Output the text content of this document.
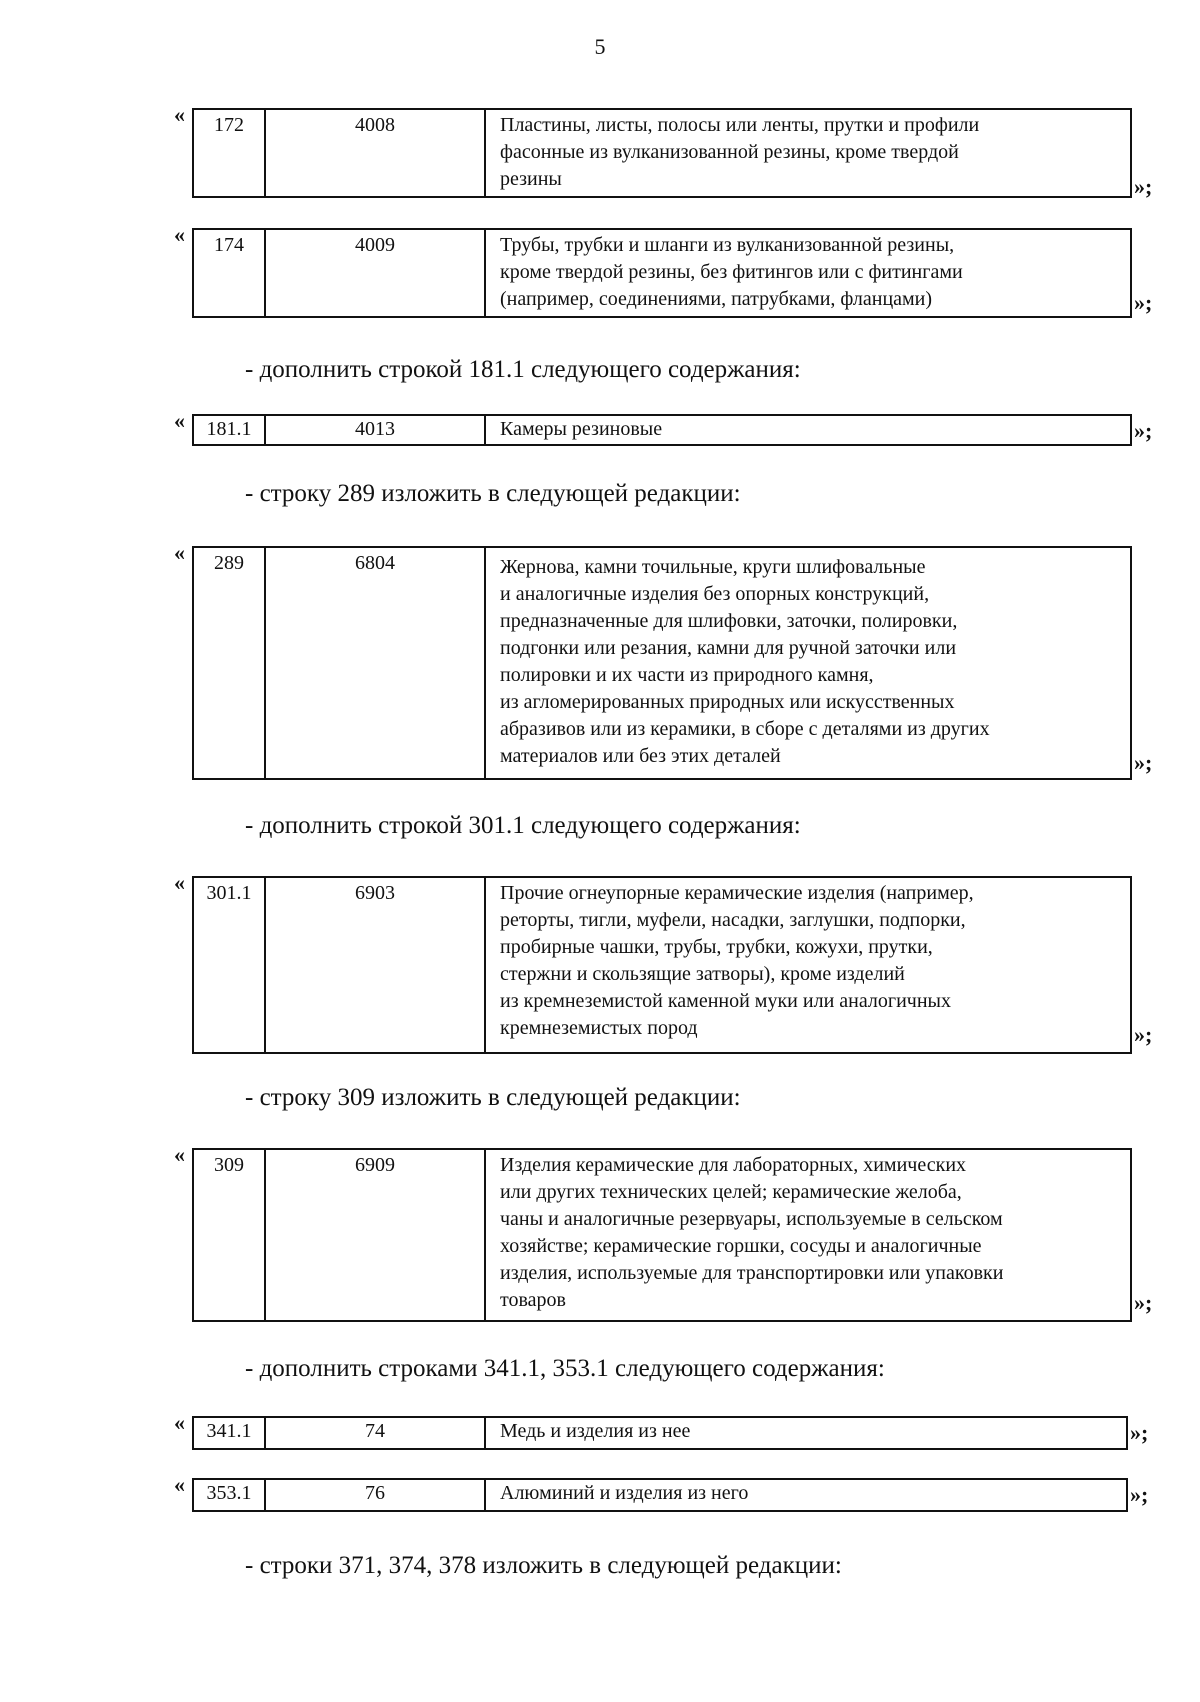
5
« 172	4008	Пластины, листы, полосы или ленты, прутки и профили
фасонные из вулканизованной резины, кроме твердой
резины	»;
« 174	4009	Трубы, трубки и шланги из вулканизованной резины,
кроме твердой резины, без фитингов или с фитингами
(например, соединениями, патрубками, фланцами)	»;
- дополнить строкой 181.1 следующего содержания:
« 181.1	4013	Камеры резиновые	»;
- строку 289 изложить в следующей редакции:
« 289	6804	Жернова, камни точильные, круги шлифовальные
и аналогичные изделия без опорных конструкций,
предназначенные для шлифовки, заточки, полировки,
подгонки или резания, камни для ручной заточки или
полировки и их части из природного камня,
из агломерированных природных или искусственных
абразивов или из керамики, в сборе с деталями из других
материалов или без этих деталей	»;
- дополнить строкой 301.1 следующего содержания:
« 301.1	6903	Прочие огнеупорные керамические изделия (например,
реторты, тигли, муфели, насадки, заглушки, подпорки,
пробирные чашки, трубы, трубки, кожухи, прутки,
стержни и скользящие затворы), кроме изделий
из кремнеземистой каменной муки или аналогичных
кремнеземистых пород	»;
- строку 309 изложить в следующей редакции:
« 309	6909	Изделия керамические для лабораторных, химических
или других технических целей; керамические желоба,
чаны и аналогичные резервуары, используемые в сельском
хозяйстве; керамические горшки, сосуды и аналогичные
изделия, используемые для транспортировки или упаковки
товаров	»;
- дополнить строками 341.1, 353.1 следующего содержания:
« 341.1	74	Медь и изделия из нее	»;
« 353.1	76	Алюминий и изделия из него	»;
- строки 371, 374, 378 изложить в следующей редакции:
